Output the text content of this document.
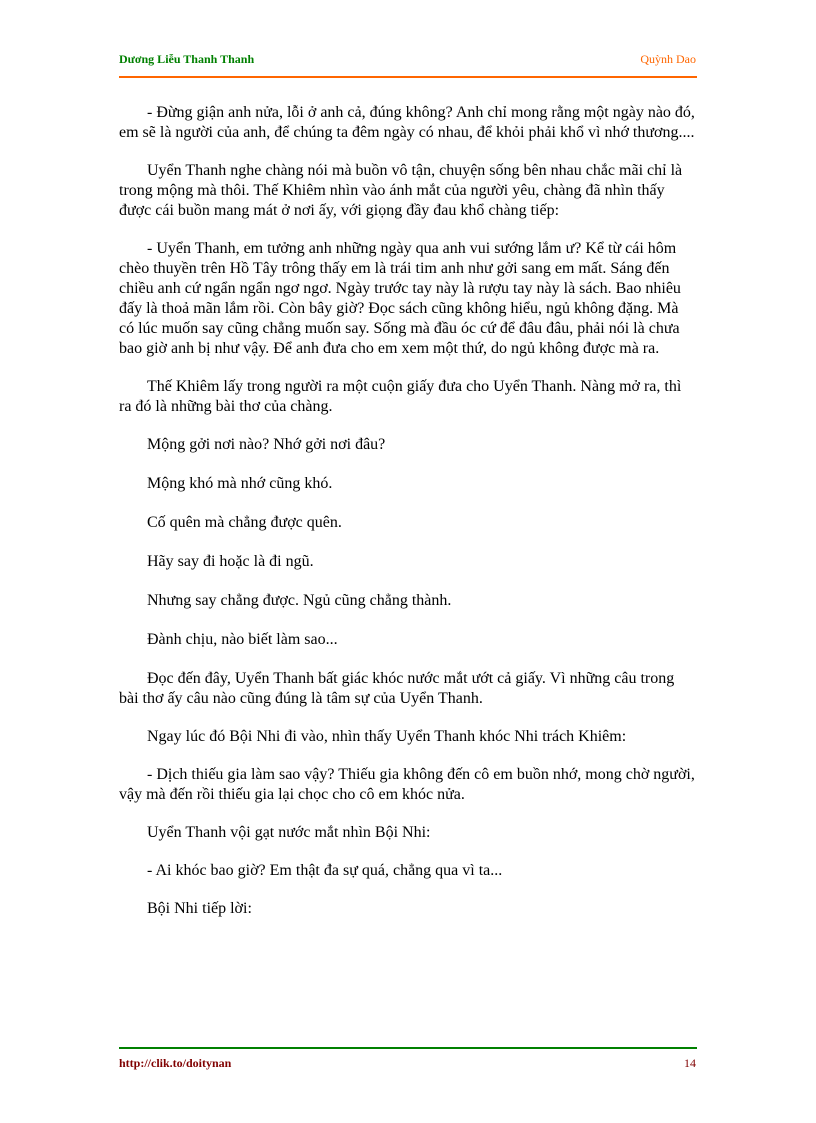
Dương Liễu Thanh Thanh	Quỳnh Dao

- Đừng giận anh nửa, lỗi ở anh cả, đúng không? Anh chỉ mong rằng một ngày nào đó, em sẽ là người của anh, để chúng ta đêm ngày có nhau, để khỏi phải khổ vì nhớ thương....

Uyển Thanh nghe chàng nói mà buồn vô tận, chuyện sống bên nhau chắc mãi chỉ là trong mộng mà thôi. Thế Khiêm nhìn vào ánh mắt của người yêu, chàng đã nhìn thấy được cái buồn mang mát ở nơi ấy, với giọng đầy đau khổ chàng tiếp:

- Uyển Thanh, em tưởng anh những ngày qua anh vui sướng lắm ư? Kể từ cái hôm chèo thuyền trên Hồ Tây trông thấy em là trái tim anh như gởi sang em mất. Sáng đến chiều anh cứ ngẩn ngẩn ngơ ngơ. Ngày trước tay này là rượu tay này là sách. Bao nhiêu đấy là thoả mãn lắm rồi. Còn bây giờ? Đọc sách cũng không hiểu, ngủ không đặng. Mà có lúc muốn say cũng chẳng muốn say. Sống mà đầu óc cứ để đâu đâu, phải nói là chưa bao giờ anh bị như vậy. Để anh đưa cho em xem một thứ, do ngủ không được mà ra.

Thế Khiêm lấy trong người ra một cuộn giấy đưa cho Uyển Thanh. Nàng mở ra, thì ra đó là những bài thơ của chàng.

Mộng gởi nơi nào? Nhớ gởi nơi đâu?

Mộng khó mà nhớ cũng khó.

Cố quên mà chẳng được quên.

Hãy say đi hoặc là đi ngũ.

Nhưng say chẳng được. Ngủ cũng chẳng thành.

Đành chịu, nào biết làm sao...

Đọc đến đây, Uyển Thanh bất giác khóc nước mắt ướt cả giấy. Vì những câu trong bài thơ ấy câu nào cũng đúng là tâm sự của Uyển Thanh.

Ngay lúc đó Bội Nhi đi vào, nhìn thấy Uyển Thanh khóc Nhi trách Khiêm:

- Dịch thiếu gia làm sao vậy? Thiếu gia không đến cô em buồn nhớ, mong chờ người, vậy mà đến rồi thiếu gia lại chọc cho cô em khóc nửa.

Uyển Thanh vội gạt nước mắt nhìn Bội Nhi:

- Ai khóc bao giờ? Em thật đa sự quá, chẳng qua vì ta...

Bội Nhi tiếp lời:

http://clik.to/doitynan	14
